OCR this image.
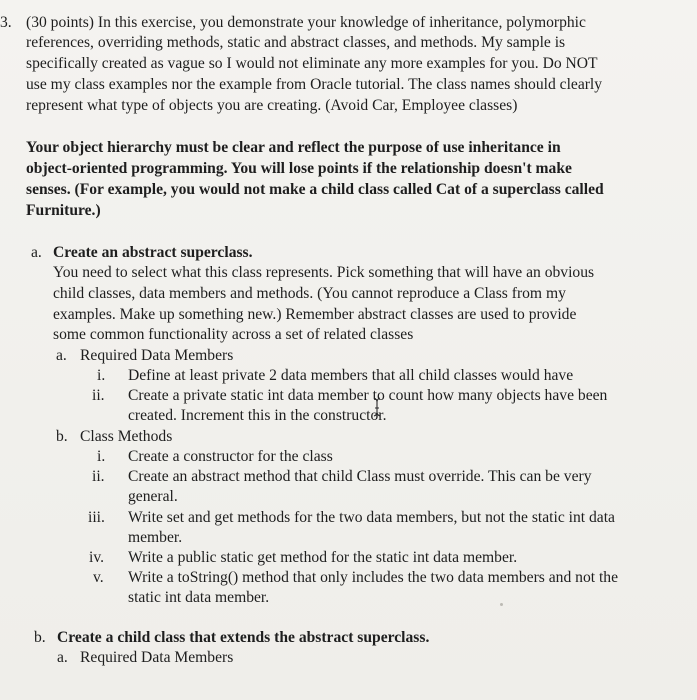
3. (30 points) In this exercise, you demonstrate your knowledge of inheritance, polymorphic
references, overriding methods, static and abstract classes, and methods. My sample is
specifically created as vague so I would not eliminate any more examples for you. Do NOT
use my class examples nor the example from Oracle tutorial. The class names should clearly
represent what type of objects you are creating. (Avoid Car, Employee classes)
Your object hierarchy must be clear and reflect the purpose of use inheritance in
object-oriented programming. You will lose points if the relationship doesn't make
senses. (For example, you would not make a child class called Cat of a superclass called
Furniture.)
a. Create an abstract superclass.
You need to select what this class represents. Pick something that will have an obvious
child classes, data members and methods. (You cannot reproduce a Class from my
examples. Make up something new.) Remember abstract classes are used to provide
some common functionality across a set of related classes
a. Required Data Members
i. Define at least private 2 data members that all child classes would have
ii. Create a private static int data member to count how many objects have been
created. Increment this in the constructor.
b. Class Methods
i. Create a constructor for the class
ii. Create an abstract method that child Class must override. This can be very
general.
iii. Write set and get methods for the two data members, but not the static int data
member.
iv. Write a public static get method for the static int data member.
v. Write a toString() method that only includes the two data members and not the
static int data member.
b. Create a child class that extends the abstract superclass.
a. Required Data Members
